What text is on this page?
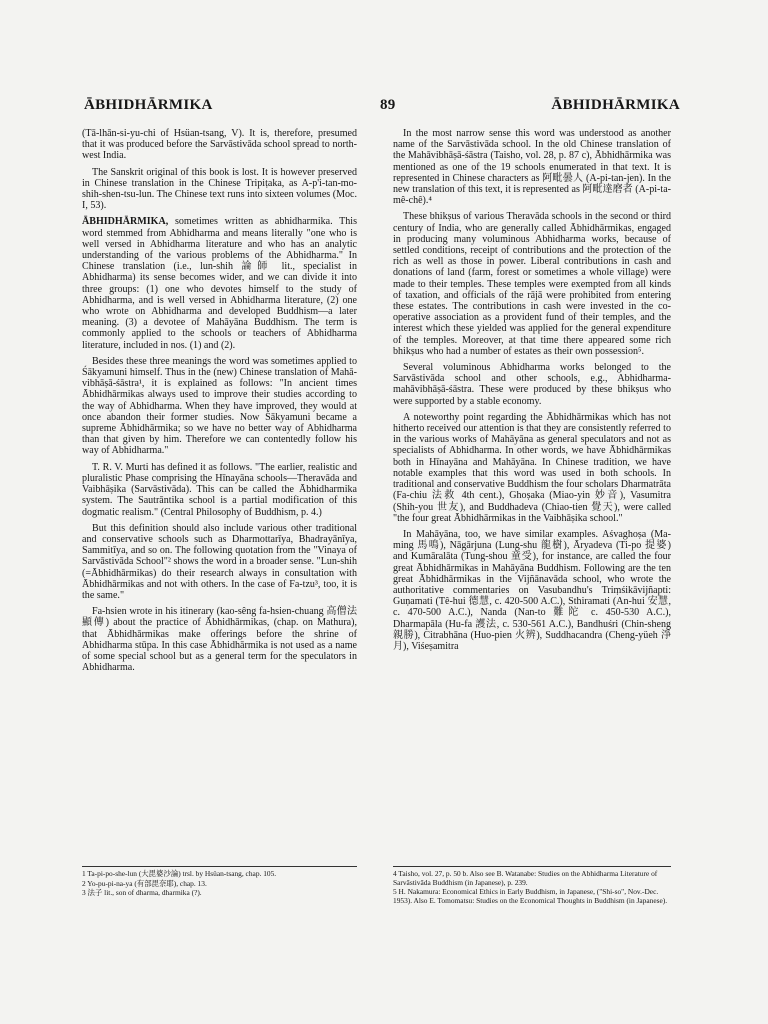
ĀBHIDHĀRMIKA	89	ĀBHIDHĀRMIKA

(Tā-lhān-si-yu-chi of Hsüan-tsang, V). It is, therefore, presumed that it was produced before the Sarvāstivāda school spread to north-west India.

The Sanskrit original of this book is lost. It is however preserved in Chinese translation in the Chinese Tripiṭaka, as A-p'i-tan-mo-shih-shen-tsu-lun. The Chinese text runs into sixteen volumes (Moc. I, 53).

ĀBHIDHĀRMIKA, sometimes written as abhidharmika. This word stemmed from Abhidharma and means literally "one who is well versed in Abhidharma literature and who has an analytic understanding of the various problems of the Abhidharma." In Chinese translation (i.e., lun-shih 論師 lit., specialist in Abhidharma) its sense becomes wider, and we can divide it into three groups: (1) one who devotes himself to the study of Abhidharma, and is well versed in Abhidharma literature, (2) one who wrote on Abhidharma and developed Buddhism—a later meaning. (3) a devotee of Mahāyāna Buddhism. The term is commonly applied to the schools or teachers of Abhidharma literature, included in nos. (1) and (2).

Besides these three meanings the word was sometimes applied to Śākyamuni himself. Thus in the (new) Chinese translation of Mahā-vibhāṣā-śāstra¹, it is explained as follows: "In ancient times Ābhidhārmikas always used to improve their studies according to the way of Abhidharma. When they have improved, they would at once abandon their former studies. Now Śākyamuni became a supreme Ābhidhārmika; so we have no better way of Abhidharma than that given by him. Therefore we can contentedly follow his way of Abhidharma."

T. R. V. Murti has defined it as follows. "The earlier, realistic and pluralistic Phase comprising the Hīnayāna schools—Theravāda and Vaibhāṣika (Sarvāstivāda). This can be called the Ābhidharmika system. The Sautrāntika school is a partial modification of this dogmatic realism." (Central Philosophy of Buddhism, p. 4.)

But this definition should also include various other traditional and conservative schools such as Dharmottarīya, Bhadrayānīya, Sammitīya, and so on. The following quotation from the "Vinaya of Sarvāstivāda School"² shows the word in a broader sense. "Lun-shih (=Ābhidhārmikas) do their research always in consultation with Ābhidhārmikas and not with others. In the case of Fa-tzu³, too, it is the same."

Fa-hsien wrote in his itinerary (kao-sêng fa-hsien-chuang 高僧法顯傳) about the practice of Ābhidhārmikas, (chap. on Mathura), that Ābhidhārmikas make offerings before the shrine of Abhidharma stūpa. In this case Ābhidhārmika is not used as a name of some special school but as a general term for the speculators in Abhidharma.

1 Ta-pi-po-she-lun (大毘婆沙論) trsl. by Hsüan-tsang, chap. 105.
2 Yo-pu-pi-na-ya (有部毘奈耶), chap. 13.
3 法子 lit., son of dharma, dharmika (?).

In the most narrow sense this word was understood as another name of the Sarvāstivāda school. In the old Chinese translation of the Mahāvibhāṣā-śāstra (Taisho, vol. 28, p. 87 c), Ābhidhārmika was mentioned as one of the 19 schools enumerated in that text. It is represented in Chinese characters as 阿毗曇人 (A-pi-tan-jen). In the new translation of this text, it is represented as 阿毗達磨者 (A-pi-ta-mê-chê).⁴

These bhikṣus of various Theravāda schools in the second or third century of India, who are generally called Ābhidhārmikas, engaged in producing many voluminous Abhidharma works, because of settled conditions, receipt of contributions and the protection of the rich as well as those in power. Liberal contributions in cash and donations of land (farm, forest or sometimes a whole village) were made to their temples. These temples were exempted from all kinds of taxation, and officials of the rājā were prohibited from entering these estates. The contributions in cash were invested in the co-operative association as a provident fund of their temples, and the interest which these yielded was applied for the general expenditure of the temples. Moreover, at that time there appeared some rich bhikṣus who had a number of estates as their own possession⁵.

Several voluminous Abhidharma works belonged to the Sarvāstivāda school and other schools, e.g., Abhidharma-mahāvibhāṣā-śāstra. These were produced by these bhikṣus who were supported by a stable economy.

A noteworthy point regarding the Ābhidhārmikas which has not hitherto received our attention is that they are consistently referred to in the various works of Mahāyāna as general speculators and not as specialists of Abhidharma. In other words, we have Ābhidhārmikas both in Hīnayāna and Mahāyāna. In Chinese tradition, we have notable examples that this word was used in both schools. In traditional and conservative Buddhism the four scholars Dharmatrāta (Fa-chiu 法救 4th cent.), Ghoṣaka (Miao-yin 妙音), Vasumitra (Shih-you 世友), and Buddhadeva (Chiao-tien 覺天), were called "the four great Ābhidhārmikas in the Vaibhāṣika school."

In Mahāyāna, too, we have similar examples. Aśvaghoṣa (Ma-ming 馬鳴), Nāgārjuna (Lung-shu 龍樹), Āryadeva (Ti-po 提婆) and Kumāralāta (Tung-shou 童受), for instance, are called the four great Ābhidhārmikas in Mahāyāna Buddhism. Following are the ten great Ābhidhārmikas in the Vijñānavāda school, who wrote the authoritative commentaries on Vasubandhu's Triṃśikāvijñapti: Guṇamati (Tê-hui 德慧, c. 420-500 A.C.), Sthiramati (An-hui 安慧, c. 470-500 A.C.), Nanda (Nan-to 難陀 c. 450-530 A.C.), Dharmapāla (Hu-fa 護法, c. 530-561 A.C.), Bandhuśri (Chin-sheng 親勝), Citrabhāna (Huo-pien 火辨), Suddhacandra (Cheng-yüeh 淨月), Viśeṣamitra

4 Taisho, vol. 27, p. 50 b. Also see B. Watanabe: Studies on the Abhidharma Literature of Sarvāstivāda Buddhism (in Japanese), p. 239.
5 H. Nakamura: Economical Ethics in Early Buddhism, in Japanese, ("Shi-so", Nov.-Dec. 1953). Also E. Tomomatsu: Studies on the Economical Thoughts in Buddhism (in Japanese).
